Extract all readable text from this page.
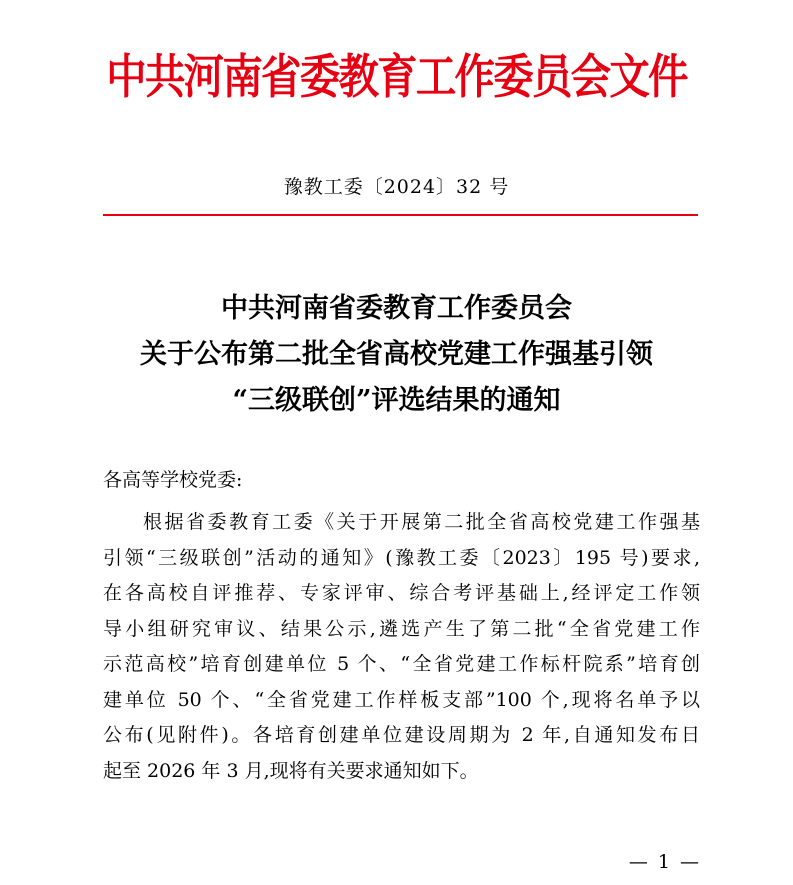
中共河南省委教育工作委员会文件
豫教工委〔2024〕32 号
中共河南省委教育工作委员会
关于公布第二批全省高校党建工作强基引领
“三级联创”评选结果的通知
各高等学校党委:
根据省委教育工委《关于开展第二批全省高校党建工作强基
引领“三级联创”活动的通知》(豫教工委〔2023〕195 号)要求,
在各高校自评推荐、专家评审、综合考评基础上,经评定工作领
导小组研究审议、结果公示,遴选产生了第二批“全省党建工作
示范高校”培育创建单位 5 个、“全省党建工作标杆院系”培育创
建单位 50 个、“全省党建工作样板支部”100 个,现将名单予以
公布(见附件)。各培育创建单位建设周期为 2 年,自通知发布日
起至 2026 年 3 月,现将有关要求通知如下。
— 1 —
